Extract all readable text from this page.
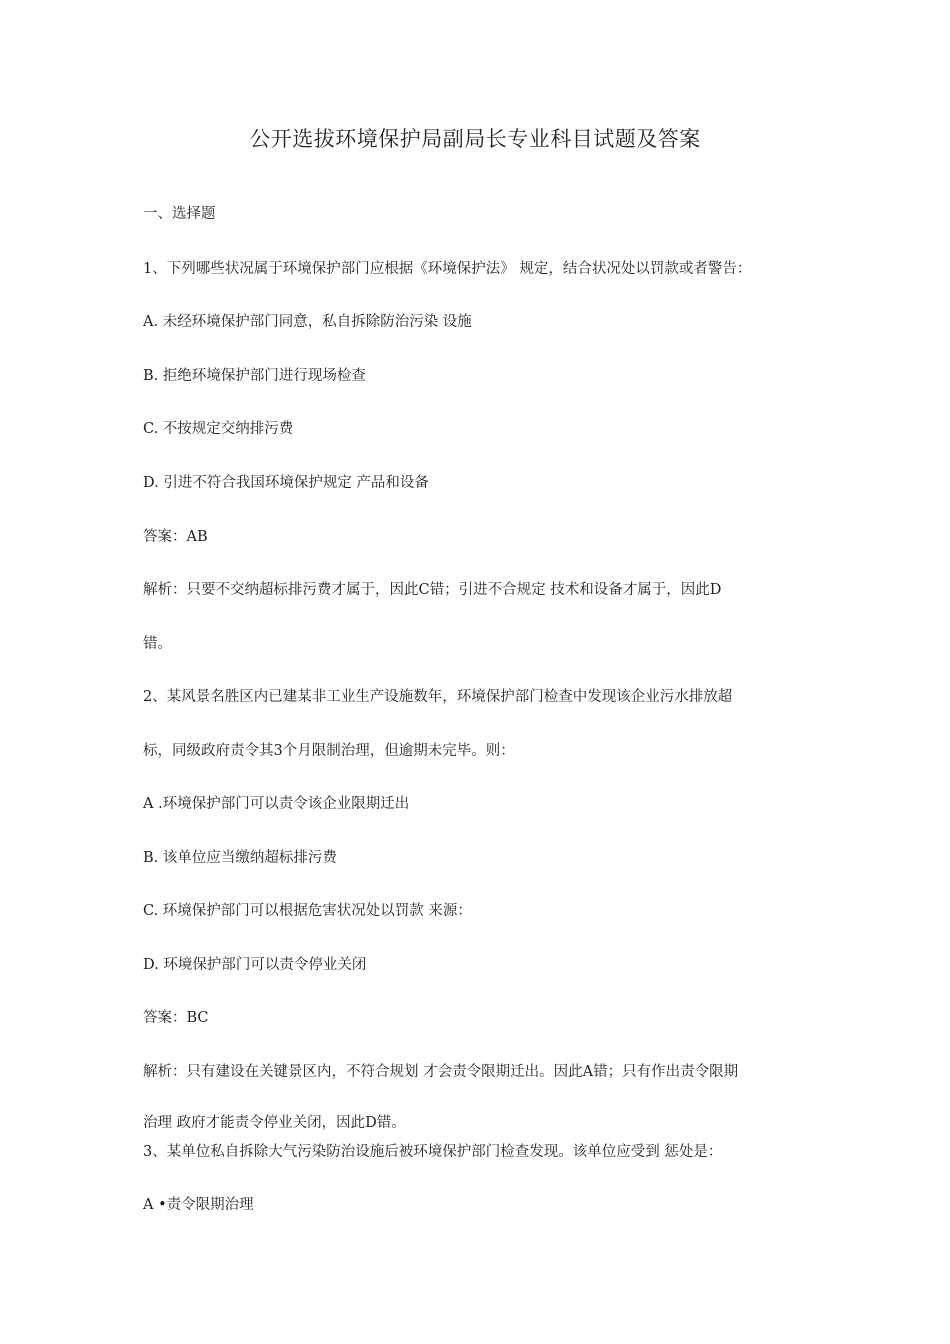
公开选拔环境保护局副局长专业科目试题及答案
一、选择题
1、下列哪些状况属于环境保护部门应根据《环境保护法》 规定，结合状况处以罚款或者警告：
A. 未经环境保护部门同意，私自拆除防治污染 设施
B. 拒绝环境保护部门进行现场检查
C. 不按规定交纳排污费
D. 引进不符合我国环境保护规定 产品和设备
答案：AB
解析：只要不交纳超标排污费才属于，因此C错；引进不合规定 技术和设备才属于，因此D
错。
2、某风景名胜区内已建某非工业生产设施数年，环境保护部门检查中发现该企业污水排放超
标，同级政府责令其3个月限制治理，但逾期未完毕。则：
A .环境保护部门可以责令该企业限期迁出
B. 该单位应当缴纳超标排污费
C. 环境保护部门可以根据危害状况处以罚款 来源：
D. 环境保护部门可以责令停业关闭
答案：BC
解析：只有建设在关键景区内，不符合规划 才会责令限期迁出。因此A错；只有作出责令限期
治理 政府才能责令停业关闭，因此D错。
3、某单位私自拆除大气污染防治设施后被环境保护部门检查发现。该单位应受到 惩处是：
A •责令限期治理
